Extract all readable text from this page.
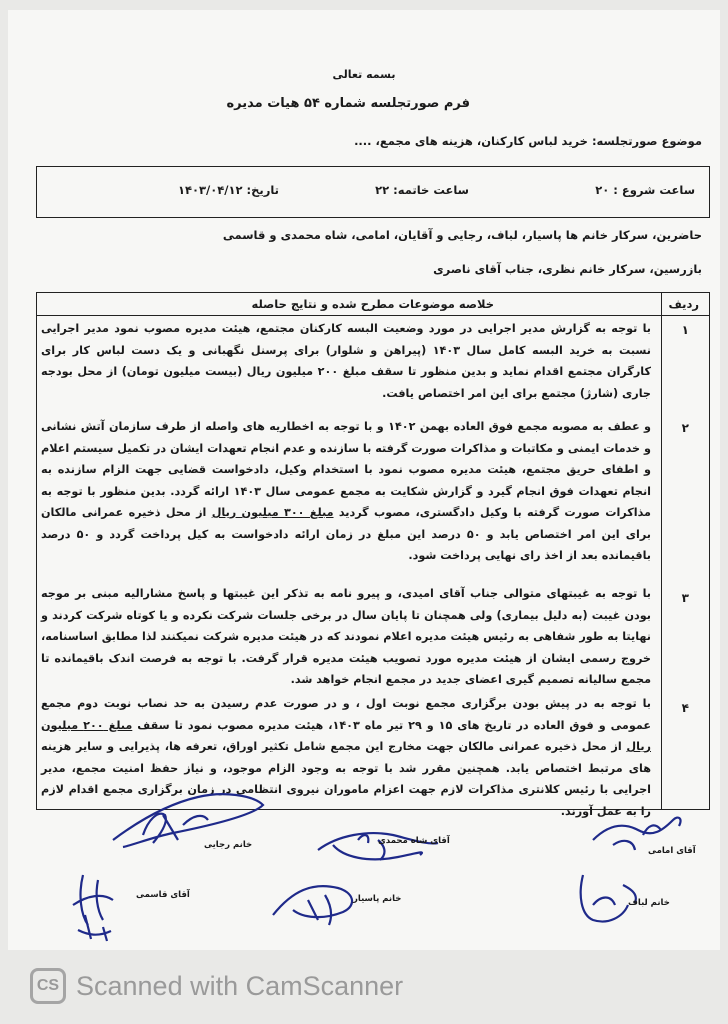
بسمه تعالی
فرم صورتجلسه شماره ۵۴ هیات مدیره
موضوع صورتجلسه: خرید لباس کارکنان، هزینه های مجمع، ....
ساعت شروع : ۲۰
ساعت خاتمه: ۲۲
تاریخ: ۱۴۰۳/۰۴/۱۲
حاضرین، سرکار خانم ها پاسیار، لباف، رجایی و آقایان، امامی، شاه محمدی و قاسمی
بازرسین، سرکار خانم نظری، جناب آقای ناصری
ردیف
خلاصه موضوعات مطرح شده و نتایج حاصله
۱
با توجه به گزارش مدیر اجرایی در مورد وضعیت البسه کارکنان مجتمع، هیئت مدیره مصوب نمود مدیر اجرایی نسبت به خرید البسه کامل سال ۱۴۰۳ (پیراهن و شلوار) برای پرسنل نگهبانی و یک دست لباس کار برای کارگران مجتمع اقدام نماید و بدین منظور تا سقف مبلغ ۲۰۰ میلیون ریال (بیست میلیون تومان) از محل بودجه جاری (شارژ) مجتمع برای این امر اختصاص یافت.
۲
و عطف به مصوبه مجمع فوق العاده بهمن ۱۴۰۲ و با توجه به اخطاریه های واصله از طرف سازمان آتش نشانی و خدمات ایمنی و مکاتبات و مذاکرات صورت گرفته با سازنده و عدم انجام تعهدات ایشان در تکمیل سیستم اعلام و اطفای حریق مجتمع، هیئت مدیره مصوب نمود با استخدام وکیل، دادخواست قضایی جهت الزام سازنده به انجام تعهدات فوق انجام گیرد و گزارش شکایت به مجمع عمومی سال ۱۴۰۳ ارائه گردد. بدین منظور با توجه به مذاکرات صورت گرفته با وکیل دادگستری، مصوب گردید مبلغ ۳۰۰ میلیون ریال از محل ذخیره عمرانی مالکان برای این امر اختصاص یابد و ۵۰ درصد این مبلغ در زمان ارائه دادخواست به کیل پرداخت گردد و ۵۰ درصد باقیمانده بعد از اخذ رای نهایی پرداخت شود.
۳
با توجه به غیبتهای متوالی جناب آقای امیدی، و پیرو نامه به تذکر این غیبتها و پاسخ مشارالیه مبنی بر موجه بودن غیبت (به دلیل بیماری) ولی همچنان تا پایان سال در برخی جلسات شرکت نکرده و یا کوتاه شرکت کردند و نهایتا به طور شفاهی به رئیس هیئت مدیره اعلام نمودند که در هیئت مدیره شرکت نمیکنند لذا مطابق اساسنامه، خروج رسمی ایشان از هیئت مدیره مورد تصویب هیئت مدیره قرار گرفت. با توجه به فرصت اندک باقیمانده تا مجمع سالیانه تصمیم گیری اعضای جدید در مجمع انجام خواهد شد.
۴
با توجه به در پیش بودن برگزاری مجمع نوبت اول ، و در صورت عدم رسیدن به حد نصاب نوبت دوم مجمع عمومی و فوق العاده در تاریخ های ۱۵ و ۲۹ تیر ماه ۱۴۰۳، هیئت مدیره مصوب نمود تا سقف مبلغ ۲۰۰ میلیون ریال از محل ذخیره عمرانی مالکان جهت مخارج این مجمع شامل تکثیر اوراق، تعرفه ها، پذیرایی و سایر هزینه های مرتبط اختصاص یابد. همچنین مقرر شد با توجه به وجود الزام موجود، و نیاز حفظ امنیت مجمع، مدیر اجرایی با رئیس کلانتری مذاکرات لازم جهت اعزام ماموران نیروی انتظامی در زمان برگزاری مجمع اقدام لازم را به عمل آورند.
خانم رجایی	آقای شاه محمدی
آقای امامی
آقای قاسمی	خانم پاسیار	خانم لباف
CS Scanned with CamScanner
